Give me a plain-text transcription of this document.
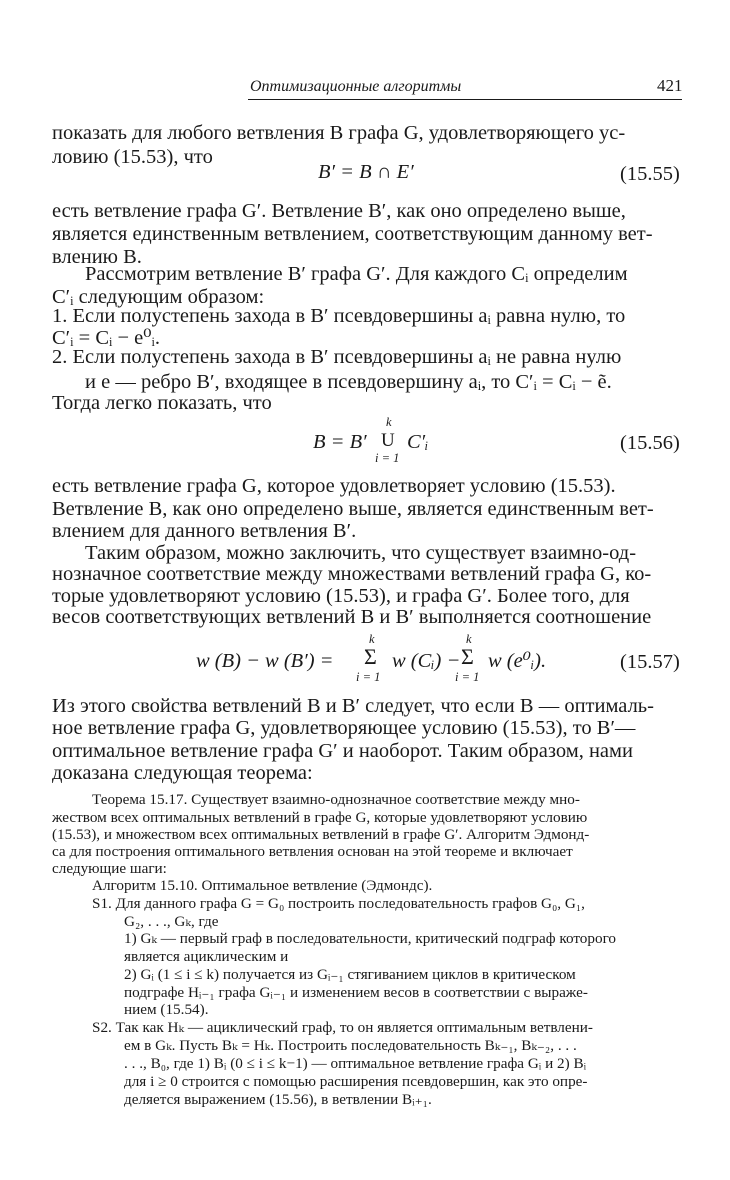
Оптимизационные алгоритмы	421
показать для любого ветвления B графа G, удовлетворяющего ус-
ловию (15.53), что
B′ = B ∩ E′	(15.55)
есть ветвление графа G′. Ветвление B′, как оно определено выше,
является единственным ветвлением, соответствующим данному вет-
влению B.
Рассмотрим ветвление B′ графа G′. Для каждого Cᵢ определим
C′ᵢ следующим образом:
1. Если полустепень захода в B′ псевдовершины aᵢ равна нулю, то
C′ᵢ = Cᵢ − e⁰ᵢ.
2. Если полустепень захода в B′ псевдовершины aᵢ не равна нулю
и e — ребро B′, входящее в псевдовершину aᵢ, то C′ᵢ = Cᵢ − ẽ.
Тогда легко показать, что
B = B′
k
U
i = 1
C′ᵢ	(15.56)
есть ветвление графа G, которое удовлетворяет условию (15.53).
Ветвление B, как оно определено выше, является единственным вет-
влением для данного ветвления B′.
Таким образом, можно заключить, что существует взаимно-од-
нозначное соответствие между множествами ветвлений графа G, ко-
торые удовлетворяют условию (15.53), и графа G′. Более того, для
весов соответствующих ветвлений B и B′ выполняется соотношение
w (B) − w (B′) =
k
Σ
i = 1
w (Cᵢ) −
k
Σ
i = 1
w (e⁰ᵢ).	(15.57)
Из этого свойства ветвлений B и B′ следует, что если B — оптималь-
ное ветвление графа G, удовлетворяющее условию (15.53), то B′—
оптимальное ветвление графа G′ и наоборот. Таким образом, нами
доказана следующая теорема:
Теорема 15.17. Существует взаимно-однозначное соответствие между мно-
жеством всех оптимальных ветвлений в графе G, которые удовлетворяют условию
(15.53), и множеством всех оптимальных ветвлений в графе G′. Алгоритм Эдмонд-
са для построения оптимального ветвления основан на этой теореме и включает
следующие шаги:
Алгоритм 15.10. Оптимальное ветвление (Эдмондс).
S1. Для данного графа G = G₀ построить последовательность графов G₀, G₁,
G₂, . . ., Gₖ, где
1) Gₖ — первый граф в последовательности, критический подграф которого
является ациклическим и
2) Gᵢ (1 ≤ i ≤ k) получается из Gᵢ₋₁ стягиванием циклов в критическом
подграфе Hᵢ₋₁ графа Gᵢ₋₁ и изменением весов в соответствии с выраже-
нием (15.54).
S2. Так как Hₖ — ациклический граф, то он является оптимальным ветвлени-
ем в Gₖ. Пусть Bₖ = Hₖ. Построить последовательность Bₖ₋₁, Bₖ₋₂, . . .
. . ., B₀, где 1) Bᵢ (0 ≤ i ≤ k−1) — оптимальное ветвление графа Gᵢ и 2) Bᵢ
для i ≥ 0 строится с помощью расширения псевдовершин, как это опре-
деляется выражением (15.56), в ветвлении Bᵢ₊₁.
